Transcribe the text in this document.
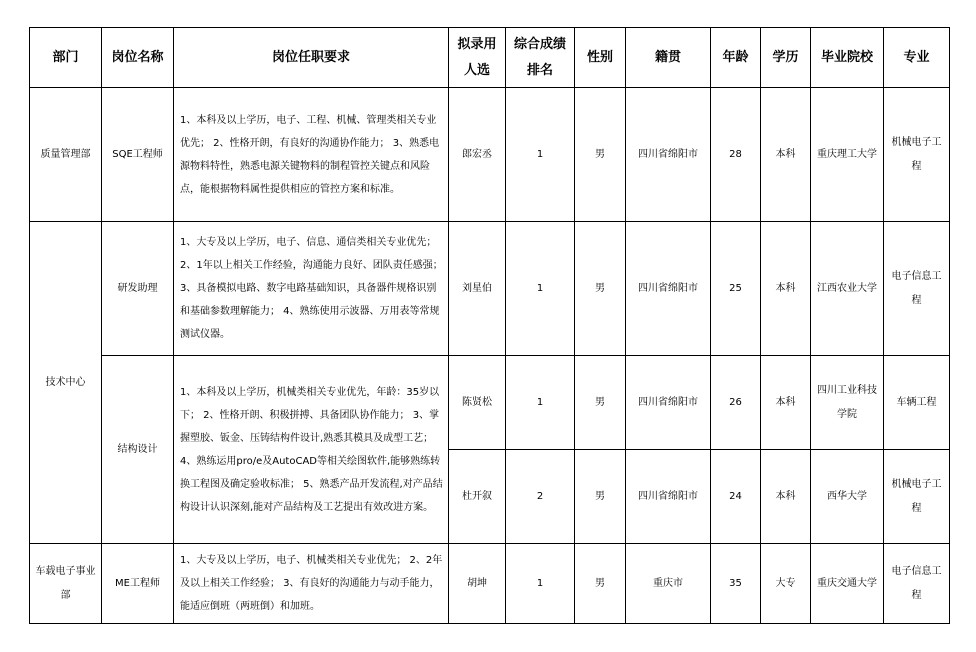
部门	岗位名称	岗位任职要求	拟录用人选	综合成绩排名	性别	籍贯	年龄	学历	毕业院校	专业
质量管理部	SQE工程师	1、本科及以上学历，电子、工程、机械、管理类相关专业优先； 2、性格开朗，有良好的沟通协作能力； 3、熟悉电源物料特性，熟悉电源关键物料的制程管控关键点和风险点，能根据物料属性提供相应的管控方案和标准。	郎宏丞	1	男	四川省绵阳市	28	本科	重庆理工大学	机械电子工程
技术中心	研发助理	1、大专及以上学历，电子、信息、通信类相关专业优先； 2、1年以上相关工作经验，沟通能力良好、团队责任感强； 3、具备模拟电路、数字电路基础知识，具备器件规格识别和基础参数理解能力； 4、熟练使用示波器、万用表等常规测试仪器。	刘星伯	1	男	四川省绵阳市	25	本科	江西农业大学	电子信息工程
	结构设计	1、本科及以上学历，机械类相关专业优先，年龄：35岁以下； 2、性格开朗、积极拼搏、具备团队协作能力； 3、掌握塑胶、钣金、压铸结构件设计,熟悉其模具及成型工艺； 4、熟练运用pro/e及AutoCAD等相关绘图软件,能够熟练转换工程图及确定验收标准； 5、熟悉产品开发流程,对产品结构设计认识深刻,能对产品结构及工艺提出有效改进方案。	陈贤松	1	男	四川省绵阳市	26	本科	四川工业科技学院	车辆工程
			杜开叙	2	男	四川省绵阳市	24	本科	西华大学	机械电子工程
车载电子事业部	ME工程师	1、大专及以上学历，电子、机械类相关专业优先； 2、2年及以上相关工作经验； 3、有良好的沟通能力与动手能力，能适应倒班（两班倒）和加班。	胡坤	1	男	重庆市	35	大专	重庆交通大学	电子信息工程
